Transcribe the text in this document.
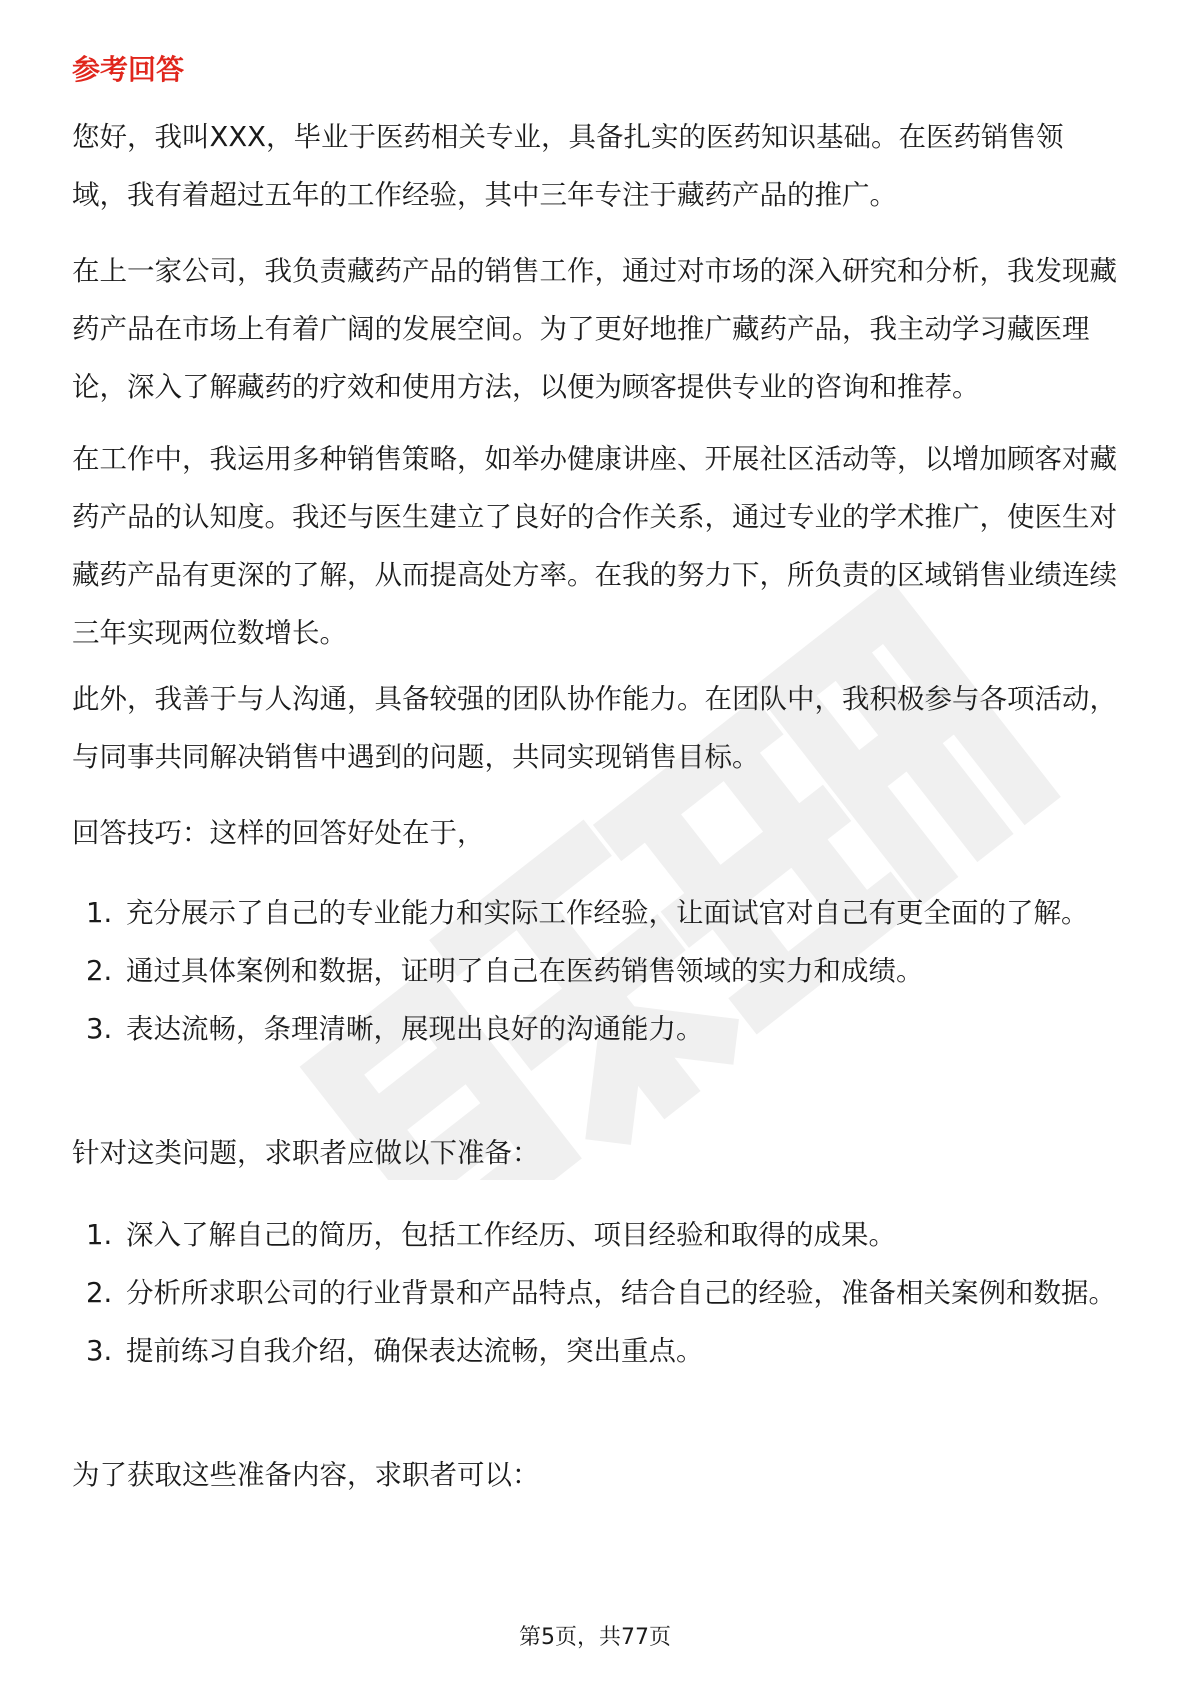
参考回答

您好，我叫XXX，毕业于医药相关专业，具备扎实的医药知识基础。在医药销售领域，我有着超过五年的工作经验，其中三年专注于藏药产品的推广。

在上一家公司，我负责藏药产品的销售工作，通过对市场的深入研究和分析，我发现藏药产品在市场上有着广阔的发展空间。为了更好地推广藏药产品，我主动学习藏医理论，深入了解藏药的疗效和使用方法，以便为顾客提供专业的咨询和推荐。

在工作中，我运用多种销售策略，如举办健康讲座、开展社区活动等，以增加顾客对藏药产品的认知度。我还与医生建立了良好的合作关系，通过专业的学术推广，使医生对藏药产品有更深的了解，从而提高处方率。在我的努力下，所负责的区域销售业绩连续三年实现两位数增长。

此外，我善于与人沟通，具备较强的团队协作能力。在团队中，我积极参与各项活动，与同事共同解决销售中遇到的问题，共同实现销售目标。

回答技巧：这样的回答好处在于，

1. 充分展示了自己的专业能力和实际工作经验，让面试官对自己有更全面的了解。
2. 通过具体案例和数据，证明了自己在医药销售领域的实力和成绩。
3. 表达流畅，条理清晰，展现出良好的沟通能力。

针对这类问题，求职者应做以下准备：

1. 深入了解自己的简历，包括工作经历、项目经验和取得的成果。
2. 分析所求职公司的行业背景和产品特点，结合自己的经验，准备相关案例和数据。
3. 提前练习自我介绍，确保表达流畅，突出重点。

为了获取这些准备内容，求职者可以：

第5页，共77页
